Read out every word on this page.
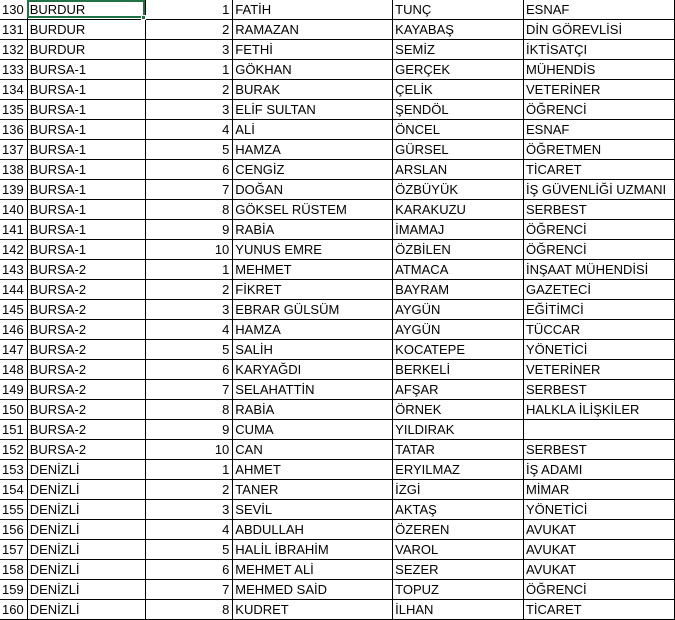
130	BURDUR	1	FATİH	TUNÇ	ESNAF
131	BURDUR	2	RAMAZAN	KAYABAŞ	DİN GÖREVLİSİ
132	BURDUR	3	FETHİ	SEMİZ	İKTİSATÇI
133	BURSA-1	1	GÖKHAN	GERÇEK	MÜHENDİS
134	BURSA-1	2	BURAK	ÇELİK	VETERİNER
135	BURSA-1	3	ELİF SULTAN	ŞENDÖL	ÖĞRENCİ
136	BURSA-1	4	ALİ	ÖNCEL	ESNAF
137	BURSA-1	5	HAMZA	GÜRSEL	ÖĞRETMEN
138	BURSA-1	6	CENGİZ	ARSLAN	TİCARET
139	BURSA-1	7	DOĞAN	ÖZBÜYÜK	İŞ GÜVENLİĞİ UZMANI
140	BURSA-1	8	GÖKSEL RÜSTEM	KARAKUZU	SERBEST
141	BURSA-1	9	RABİA	İMAMAJ	ÖĞRENCİ
142	BURSA-1	10	YUNUS EMRE	ÖZBİLEN	ÖĞRENCİ
143	BURSA-2	1	MEHMET	ATMACA	İNŞAAT MÜHENDİSİ
144	BURSA-2	2	FİKRET	BAYRAM	GAZETECİ
145	BURSA-2	3	EBRAR GÜLSÜM	AYGÜN	EĞİTİMCİ
146	BURSA-2	4	HAMZA	AYGÜN	TÜCCAR
147	BURSA-2	5	SALİH	KOCATEPE	YÖNETİCİ
148	BURSA-2	6	KARYAĞDI	BERKELİ	VETERİNER
149	BURSA-2	7	SELAHATTİN	AFŞAR	SERBEST
150	BURSA-2	8	RABİA	ÖRNEK	HALKLA İLİŞKİLER
151	BURSA-2	9	CUMA	YILDIRAK	
152	BURSA-2	10	CAN	TATAR	SERBEST
153	DENİZLİ	1	AHMET	ERYILMAZ	İŞ ADAMI
154	DENİZLİ	2	TANER	İZGİ	MİMAR
155	DENİZLİ	3	SEVİL	AKTAŞ	YÖNETİCİ
156	DENİZLİ	4	ABDULLAH	ÖZEREN	AVUKAT
157	DENİZLİ	5	HALİL İBRAHİM	VAROL	AVUKAT
158	DENİZLİ	6	MEHMET ALİ	SEZER	AVUKAT
159	DENİZLİ	7	MEHMED SAİD	TOPUZ	ÖĞRENCİ
160	DENİZLİ	8	KUDRET	İLHAN	TİCARET
